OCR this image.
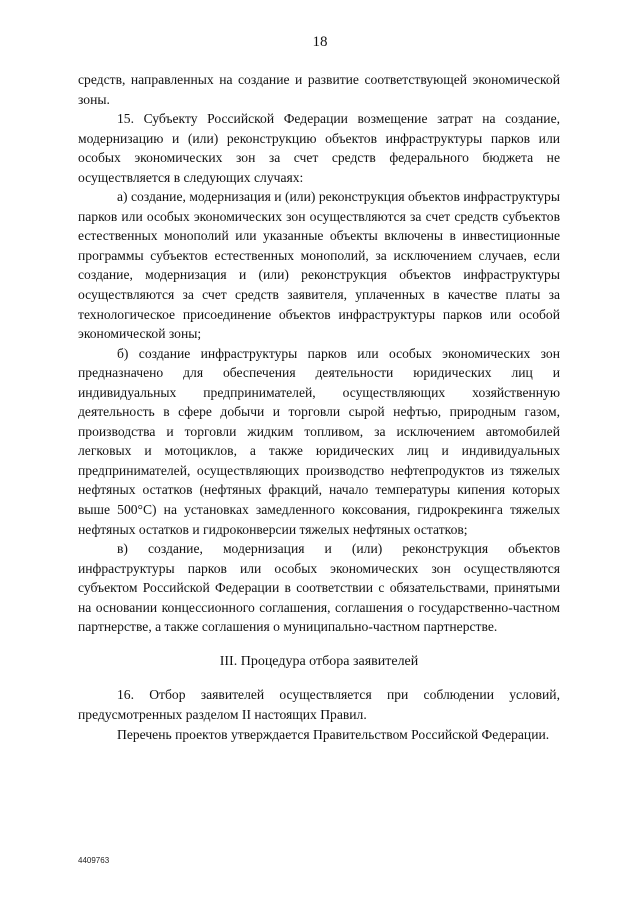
18

средств, направленных на создание и развитие соответствующей экономической зоны.

15. Субъекту Российской Федерации возмещение затрат на создание, модернизацию и (или) реконструкцию объектов инфраструктуры парков или особых экономических зон за счет средств федерального бюджета не осуществляется в следующих случаях:

а) создание, модернизация и (или) реконструкция объектов инфраструктуры парков или особых экономических зон осуществляются за счет средств субъектов естественных монополий или указанные объекты включены в инвестиционные программы субъектов естественных монополий, за исключением случаев, если создание, модернизация и (или) реконструкция объектов инфраструктуры осуществляются за счет средств заявителя, уплаченных в качестве платы за технологическое присоединение объектов инфраструктуры парков или особой экономической зоны;

б) создание инфраструктуры парков или особых экономических зон предназначено для обеспечения деятельности юридических лиц и индивидуальных предпринимателей, осуществляющих хозяйственную деятельность в сфере добычи и торговли сырой нефтью, природным газом, производства и торговли жидким топливом, за исключением автомобилей легковых и мотоциклов, а также юридических лиц и индивидуальных предпринимателей, осуществляющих производство нефтепродуктов из тяжелых нефтяных остатков (нефтяных фракций, начало температуры кипения которых выше 500°С) на установках замедленного коксования, гидрокрекинга тяжелых нефтяных остатков и гидроконверсии тяжелых нефтяных остатков;

в) создание, модернизация и (или) реконструкция объектов инфраструктуры парков или особых экономических зон осуществляются субъектом Российской Федерации в соответствии с обязательствами, принятыми на основании концессионного соглашения, соглашения о государственно-частном партнерстве, а также соглашения о муниципально-частном партнерстве.

III. Процедура отбора заявителей

16. Отбор заявителей осуществляется при соблюдении условий, предусмотренных разделом II настоящих Правил.

Перечень проектов утверждается Правительством Российской Федерации.

4409763
